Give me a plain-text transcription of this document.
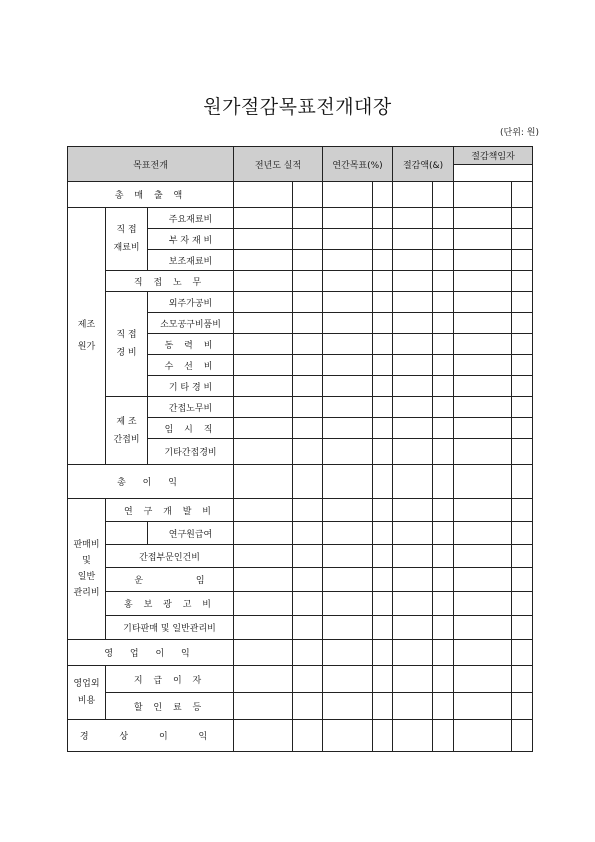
원가절감목표전개대장
(단위: 원)
목표전개			전년도 실적		연간목표(%)		절감액(&)		절감책임자	

총 매 출 액										
제조
원가	직 접
재료비	주요재료비								
		부 자 재 비								
		보조재료비								
	직 접 노 무									
	직 접
경 비	외주가공비								
		소모공구비품비								
		동 력 비								
		수 선 비								
		기 타 경 비								
	제 조
간접비	간접노무비								
		임 시 직								
		기타간접경비								
총 이 익										
판매비
및
일반
관리비	연 구 개 발 비									
		연구원급여								
	간접부문인건비									
	운 임									
	홍 보 광 고 비									
	기타판매 및 일반관리비									
영 업 이 익										
영업외
비용	지 급 이 자									
	할 인 료 등									
경 상 이 익										
